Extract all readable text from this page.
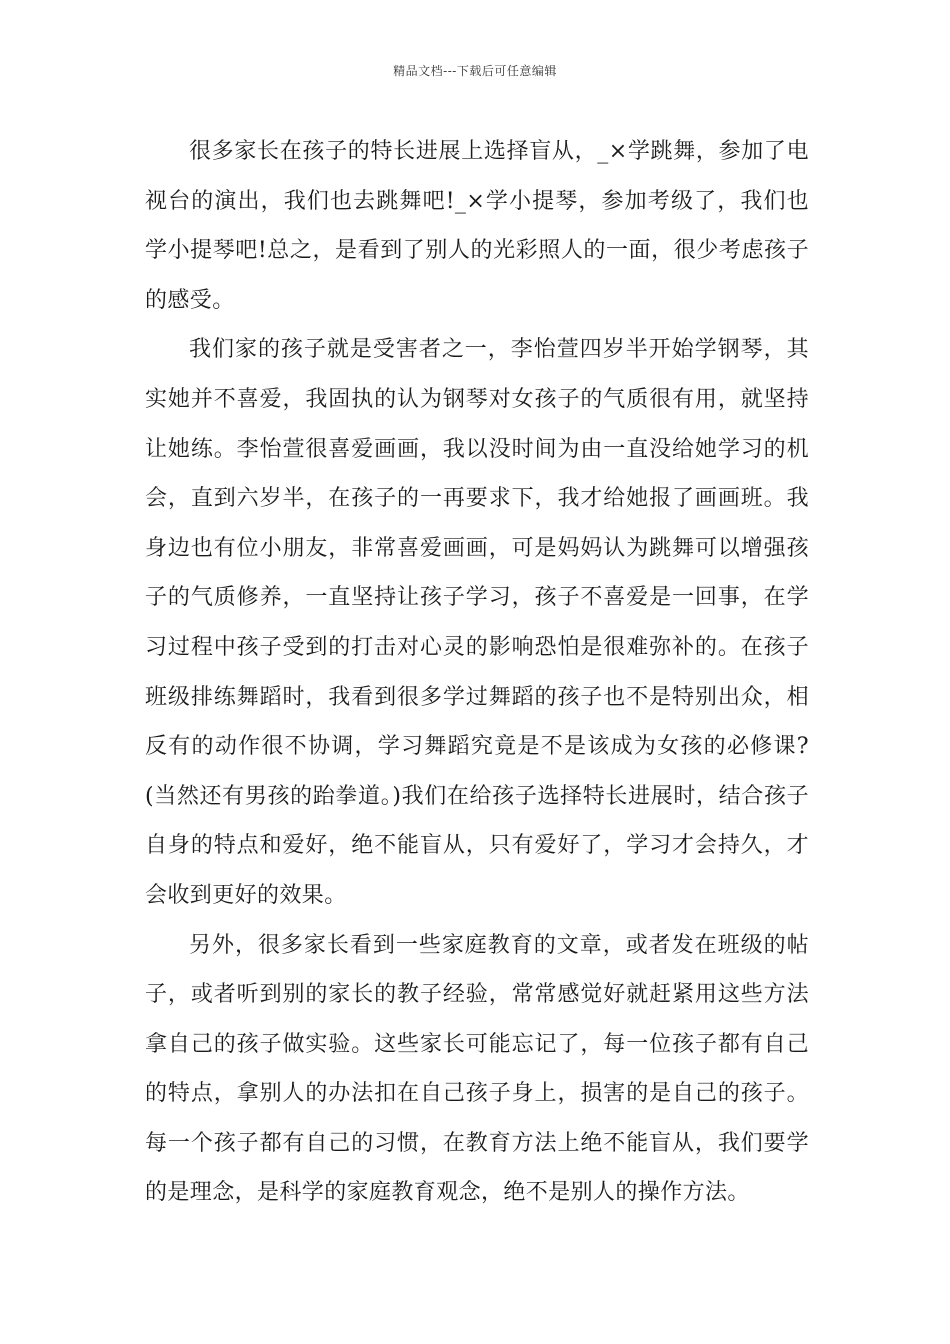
精品文档---下载后可任意编辑

很多家长在孩子的特长进展上选择盲从，_×学跳舞，参加了电视台的演出，我们也去跳舞吧!_×学小提琴，参加考级了，我们也学小提琴吧!总之，是看到了别人的光彩照人的一面，很少考虑孩子的感受。

我们家的孩子就是受害者之一，李怡萱四岁半开始学钢琴，其实她并不喜爱，我固执的认为钢琴对女孩子的气质很有用，就坚持让她练。李怡萱很喜爱画画，我以没时间为由一直没给她学习的机会，直到六岁半，在孩子的一再要求下，我才给她报了画画班。我身边也有位小朋友，非常喜爱画画，可是妈妈认为跳舞可以增强孩子的气质修养，一直坚持让孩子学习，孩子不喜爱是一回事，在学习过程中孩子受到的打击对心灵的影响恐怕是很难弥补的。在孩子班级排练舞蹈时，我看到很多学过舞蹈的孩子也不是特别出众，相反有的动作很不协调，学习舞蹈究竟是不是该成为女孩的必修课?(当然还有男孩的跆拳道。)我们在给孩子选择特长进展时，结合孩子自身的特点和爱好，绝不能盲从，只有爱好了，学习才会持久，才会收到更好的效果。

另外，很多家长看到一些家庭教育的文章，或者发在班级的帖子，或者听到别的家长的教子经验，常常感觉好就赶紧用这些方法拿自己的孩子做实验。这些家长可能忘记了，每一位孩子都有自己的特点，拿别人的办法扣在自己孩子身上，损害的是自己的孩子。每一个孩子都有自己的习惯，在教育方法上绝不能盲从，我们要学的是理念，是科学的家庭教育观念，绝不是别人的操作方法。
